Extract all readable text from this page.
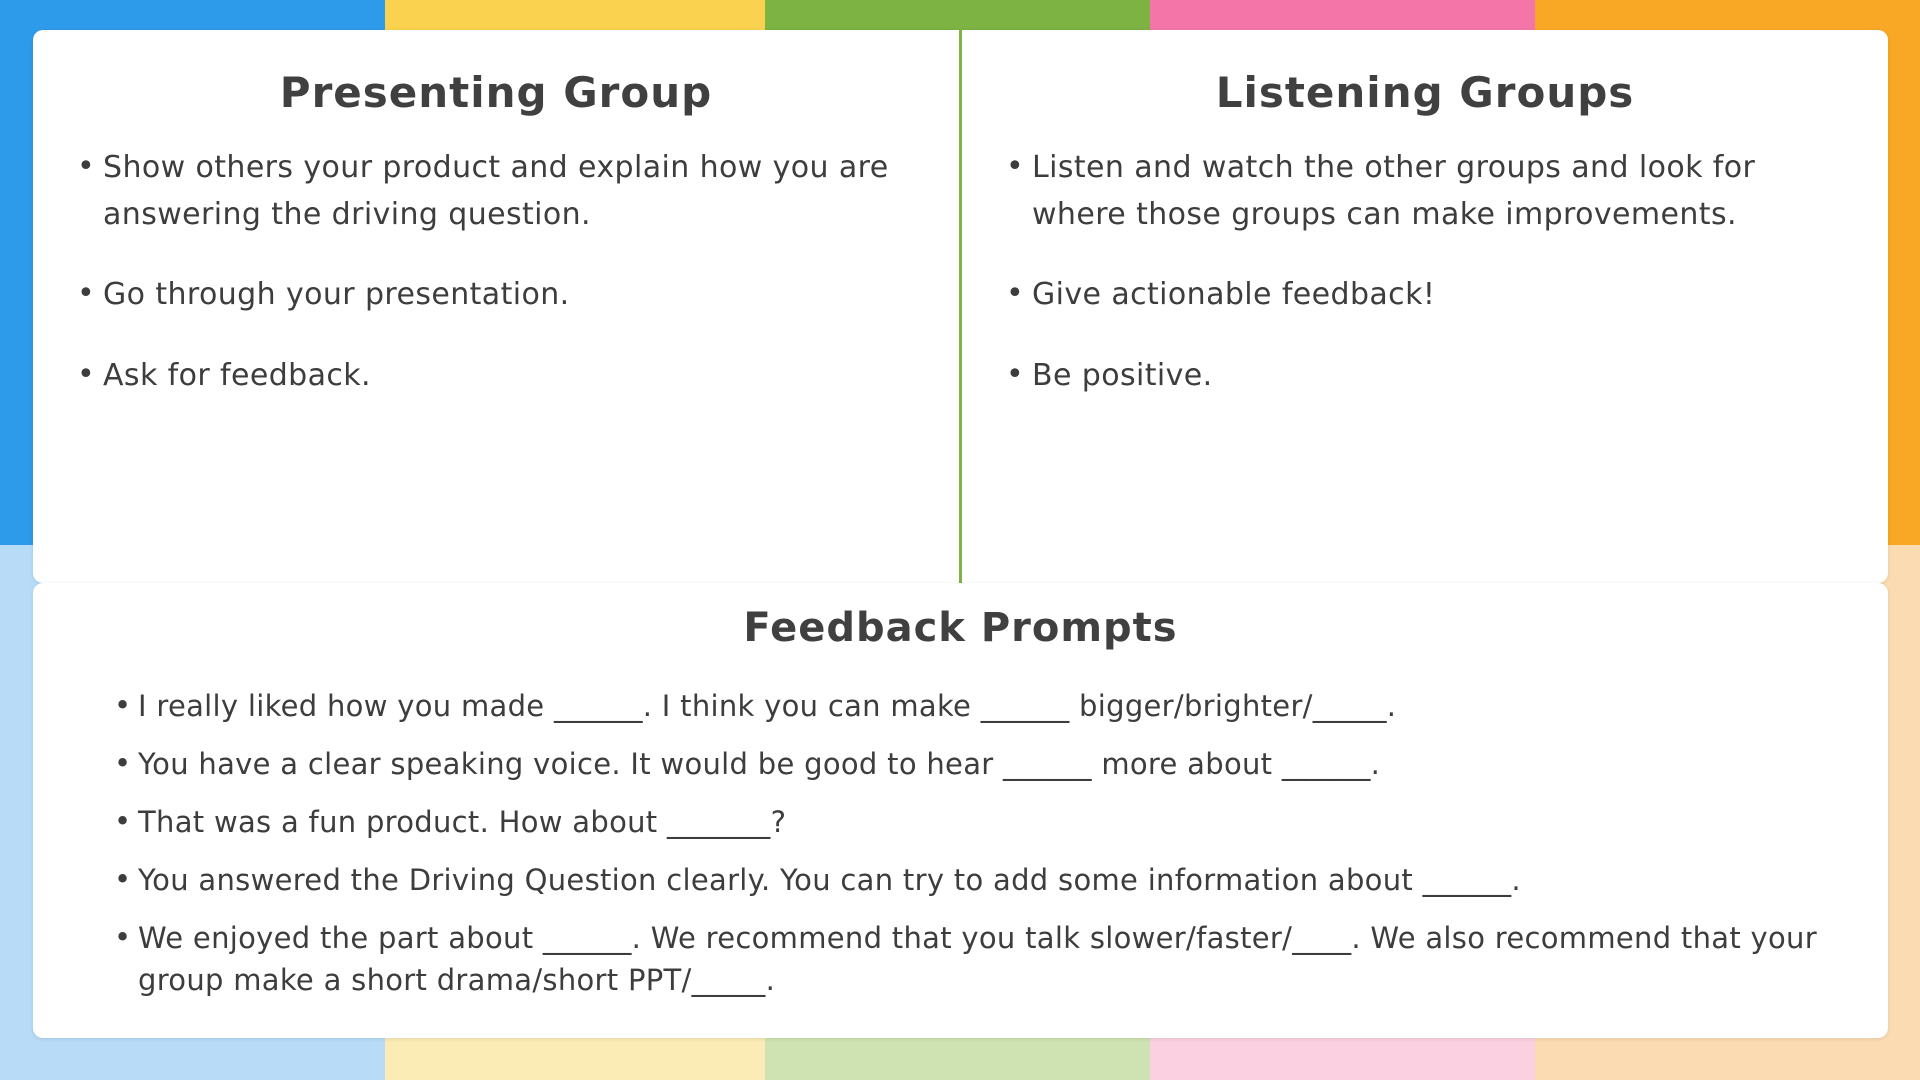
Presenting Group
• Show others your product and explain how you are answering the driving question.
• Go through your presentation.
• Ask for feedback.
Listening Groups
• Listen and watch the other groups and look for where those groups can make improvements.
• Give actionable feedback!
• Be positive.
Feedback Prompts
• I really liked how you made ______. I think you can make ______ bigger/brighter/_____.
• You have a clear speaking voice. It would be good to hear ______ more about ______.
• That was a fun product. How about _______?
• You answered the Driving Question clearly. You can try to add some information about ______.
• We enjoyed the part about ______. We recommend that you talk slower/faster/____. We also recommend that your group make a short drama/short PPT/_____.
